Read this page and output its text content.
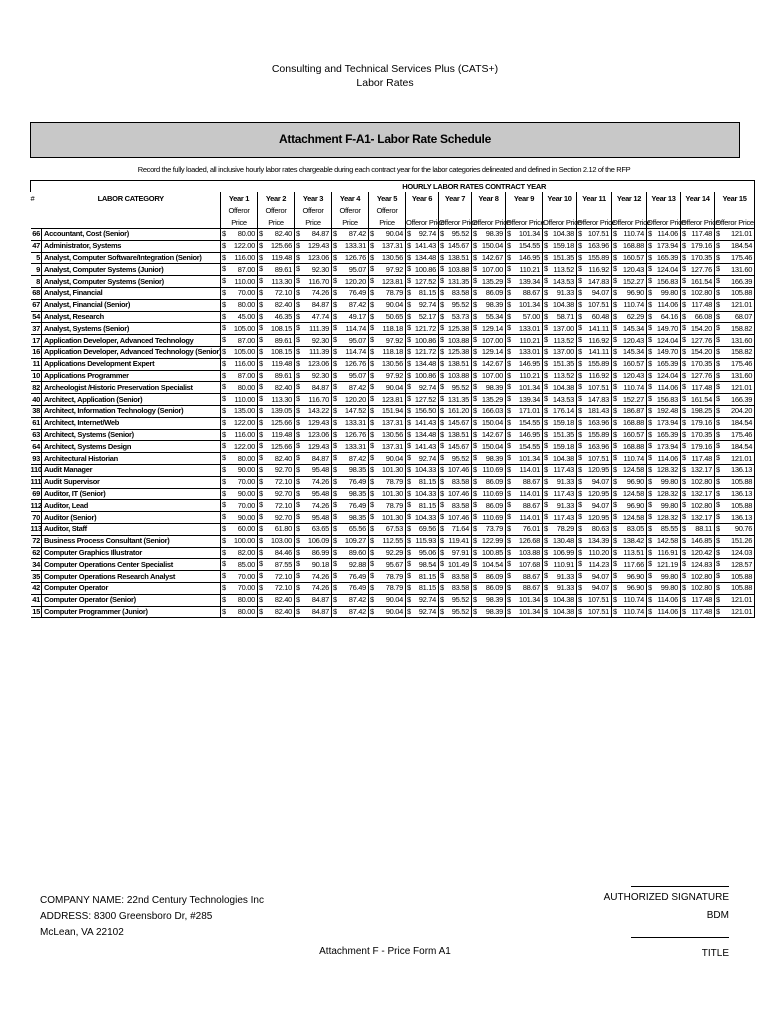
Consulting and Technical Services Plus (CATS+)
Labor Rates
Attachment F-A1- Labor Rate Schedule
Record the fully loaded, all inclusive hourly labor rates chargeable during each contract year for the labor categories delineated and defined in Section 2.12 of the RFP
		HOURLY LABOR RATES CONTRACT YEAR														
#	LABOR CATEGORY	Year 1	Year 2	Year 3	Year 4	Year 5	Year 6	Year 7	Year 8	Year 9	Year 10	Year 11	Year 12	Year 13	Year 14	Year 15
		Offeror	Offeror	Offeror	Offeror	Offeror										
		Price	Price	Price	Price	Price	Offeror Price	Offeror Price	Offeror Price	Offeror Price	Offeror Price	Offeror Price	Offeror Price	Offeror Price	Offeror Price	Offeror Price
66	Accountant, Cost (Senior)	$ 80.00	$ 82.40	$ 84.87	$ 87.42	$ 90.04	$ 92.74	$ 95.52	$ 98.39	$ 101.34	$ 104.38	$ 107.51	$ 110.74	$ 114.06	$ 117.48	$ 121.01

47	Administrator, Systems	$ 122.00	$ 125.66	$ 129.43	$ 133.31	$ 137.31	$ 141.43	$ 145.67	$ 150.04	$ 154.55	$ 159.18	$ 163.96	$ 168.88	$ 173.94	$ 179.16	$ 184.54

5	Analyst, Computer Software/Integration (Senior)	$ 116.00	$ 119.48	$ 123.06	$ 126.76	$ 130.56	$ 134.48	$ 138.51	$ 142.67	$ 146.95	$ 151.35	$ 155.89	$ 160.57	$ 165.39	$ 170.35	$ 175.46

9	Analyst, Computer Systems (Junior)	$ 87.00	$ 89.61	$ 92.30	$ 95.07	$ 97.92	$ 100.86	$ 103.88	$ 107.00	$ 110.21	$ 113.52	$ 116.92	$ 120.43	$ 124.04	$ 127.76	$ 131.60

8	Analyst, Computer Systems (Senior)	$ 110.00	$ 113.30	$ 116.70	$ 120.20	$ 123.81	$ 127.52	$ 131.35	$ 135.29	$ 139.34	$ 143.53	$ 147.83	$ 152.27	$ 156.83	$ 161.54	$ 166.39

68	Analyst, Financial	$ 70.00	$ 72.10	$ 74.26	$ 76.49	$ 78.79	$ 81.15	$ 83.58	$ 86.09	$ 88.67	$ 91.33	$ 94.07	$ 96.90	$ 99.80	$ 102.80	$ 105.88

67	Analyst, Financial (Senior)	$ 80.00	$ 82.40	$ 84.87	$ 87.42	$ 90.04	$ 92.74	$ 95.52	$ 98.39	$ 101.34	$ 104.38	$ 107.51	$ 110.74	$ 114.06	$ 117.48	$ 121.01

54	Analyst, Research	$ 45.00	$ 46.35	$ 47.74	$ 49.17	$ 50.65	$ 52.17	$ 53.73	$ 55.34	$ 57.00	$ 58.71	$ 60.48	$ 62.29	$ 64.16	$ 66.08	$ 68.07

37	Analyst, Systems (Senior)	$ 105.00	$ 108.15	$ 111.39	$ 114.74	$ 118.18	$ 121.72	$ 125.38	$ 129.14	$ 133.01	$ 137.00	$ 141.11	$ 145.34	$ 149.70	$ 154.20	$ 158.82

17	Application Developer, Advanced Technology	$ 87.00	$ 89.61	$ 92.30	$ 95.07	$ 97.92	$ 100.86	$ 103.88	$ 107.00	$ 110.21	$ 113.52	$ 116.92	$ 120.43	$ 124.04	$ 127.76	$ 131.60

16	Application Developer, Advanced Technology (Senior)	$ 105.00	$ 108.15	$ 111.39	$ 114.74	$ 118.18	$ 121.72	$ 125.38	$ 129.14	$ 133.01	$ 137.00	$ 141.11	$ 145.34	$ 149.70	$ 154.20	$ 158.82

11	Applications Development Expert	$ 116.00	$ 119.48	$ 123.06	$ 126.76	$ 130.56	$ 134.48	$ 138.51	$ 142.67	$ 146.95	$ 151.35	$ 155.89	$ 160.57	$ 165.39	$ 170.35	$ 175.46

10	Applications Programmer	$ 87.00	$ 89.61	$ 92.30	$ 95.07	$ 97.92	$ 100.86	$ 103.88	$ 107.00	$ 110.21	$ 113.52	$ 116.92	$ 120.43	$ 124.04	$ 127.76	$ 131.60

82	Archeologist /Historic Preservation Specialist	$ 80.00	$ 82.40	$ 84.87	$ 87.42	$ 90.04	$ 92.74	$ 95.52	$ 98.39	$ 101.34	$ 104.38	$ 107.51	$ 110.74	$ 114.06	$ 117.48	$ 121.01

40	Architect, Application (Senior)	$ 110.00	$ 113.30	$ 116.70	$ 120.20	$ 123.81	$ 127.52	$ 131.35	$ 135.29	$ 139.34	$ 143.53	$ 147.83	$ 152.27	$ 156.83	$ 161.54	$ 166.39

38	Architect, Information Technology (Senior)	$ 135.00	$ 139.05	$ 143.22	$ 147.52	$ 151.94	$ 156.50	$ 161.20	$ 166.03	$ 171.01	$ 176.14	$ 181.43	$ 186.87	$ 192.48	$ 198.25	$ 204.20

61	Architect, Internet/Web	$ 122.00	$ 125.66	$ 129.43	$ 133.31	$ 137.31	$ 141.43	$ 145.67	$ 150.04	$ 154.55	$ 159.18	$ 163.96	$ 168.88	$ 173.94	$ 179.16	$ 184.54

63	Architect, Systems (Senior)	$ 116.00	$ 119.48	$ 123.06	$ 126.76	$ 130.56	$ 134.48	$ 138.51	$ 142.67	$ 146.95	$ 151.35	$ 155.89	$ 160.57	$ 165.39	$ 170.35	$ 175.46

64	Architect, Systems Design	$ 122.00	$ 125.66	$ 129.43	$ 133.31	$ 137.31	$ 141.43	$ 145.67	$ 150.04	$ 154.55	$ 159.18	$ 163.96	$ 168.88	$ 173.94	$ 179.16	$ 184.54

93	Architectural Historian	$ 80.00	$ 82.40	$ 84.87	$ 87.42	$ 90.04	$ 92.74	$ 95.52	$ 98.39	$ 101.34	$ 104.38	$ 107.51	$ 110.74	$ 114.06	$ 117.48	$ 121.01

110	Audit Manager	$ 90.00	$ 92.70	$ 95.48	$ 98.35	$ 101.30	$ 104.33	$ 107.46	$ 110.69	$ 114.01	$ 117.43	$ 120.95	$ 124.58	$ 128.32	$ 132.17	$ 136.13

111	Audit Supervisor	$ 70.00	$ 72.10	$ 74.26	$ 76.49	$ 78.79	$ 81.15	$ 83.58	$ 86.09	$ 88.67	$ 91.33	$ 94.07	$ 96.90	$ 99.80	$ 102.80	$ 105.88

69	Auditor, IT (Senior)	$ 90.00	$ 92.70	$ 95.48	$ 98.35	$ 101.30	$ 104.33	$ 107.46	$ 110.69	$ 114.01	$ 117.43	$ 120.95	$ 124.58	$ 128.32	$ 132.17	$ 136.13

112	Auditor, Lead	$ 70.00	$ 72.10	$ 74.26	$ 76.49	$ 78.79	$ 81.15	$ 83.58	$ 86.09	$ 88.67	$ 91.33	$ 94.07	$ 96.90	$ 99.80	$ 102.80	$ 105.88

70	Auditor (Senior)	$ 90.00	$ 92.70	$ 95.48	$ 98.35	$ 101.30	$ 104.33	$ 107.46	$ 110.69	$ 114.01	$ 117.43	$ 120.95	$ 124.58	$ 128.32	$ 132.17	$ 136.13

113	Auditor, Staff	$ 60.00	$ 61.80	$ 63.65	$ 65.56	$ 67.53	$ 69.56	$ 71.64	$ 73.79	$ 76.01	$ 78.29	$ 80.63	$ 83.05	$ 85.55	$ 88.11	$ 90.76

72	Business Process Consultant (Senior)	$ 100.00	$ 103.00	$ 106.09	$ 109.27	$ 112.55	$ 115.93	$ 119.41	$ 122.99	$ 126.68	$ 130.48	$ 134.39	$ 138.42	$ 142.58	$ 146.85	$ 151.26

62	Computer Graphics Illustrator	$ 82.00	$ 84.46	$ 86.99	$ 89.60	$ 92.29	$ 95.06	$ 97.91	$ 100.85	$ 103.88	$ 106.99	$ 110.20	$ 113.51	$ 116.91	$ 120.42	$ 124.03

34	Computer Operations Center Specialist	$ 85.00	$ 87.55	$ 90.18	$ 92.88	$ 95.67	$ 98.54	$ 101.49	$ 104.54	$ 107.68	$ 110.91	$ 114.23	$ 117.66	$ 121.19	$ 124.83	$ 128.57

35	Computer Operations Research Analyst	$ 70.00	$ 72.10	$ 74.26	$ 76.49	$ 78.79	$ 81.15	$ 83.58	$ 86.09	$ 88.67	$ 91.33	$ 94.07	$ 96.90	$ 99.80	$ 102.80	$ 105.88

42	Computer Operator	$ 70.00	$ 72.10	$ 74.26	$ 76.49	$ 78.79	$ 81.15	$ 83.58	$ 86.09	$ 88.67	$ 91.33	$ 94.07	$ 96.90	$ 99.80	$ 102.80	$ 105.88

41	Computer Operator (Senior)	$ 80.00	$ 82.40	$ 84.87	$ 87.42	$ 90.04	$ 92.74	$ 95.52	$ 98.39	$ 101.34	$ 104.38	$ 107.51	$ 110.74	$ 114.06	$ 117.48	$ 121.01

15	Computer Programmer (Junior)	$ 80.00	$ 82.40	$ 84.87	$ 87.42	$ 90.04	$ 92.74	$ 95.52	$ 98.39	$ 101.34	$ 104.38	$ 107.51	$ 110.74	$ 114.06	$ 117.48	$ 121.01
COMPANY NAME: 22nd Century Technologies Inc
ADDRESS: 8300 Greensboro Dr, #285
McLean, VA 22102
Attachment F - Price Form A1
AUTHORIZED SIGNATURE
BDM
TITLE
